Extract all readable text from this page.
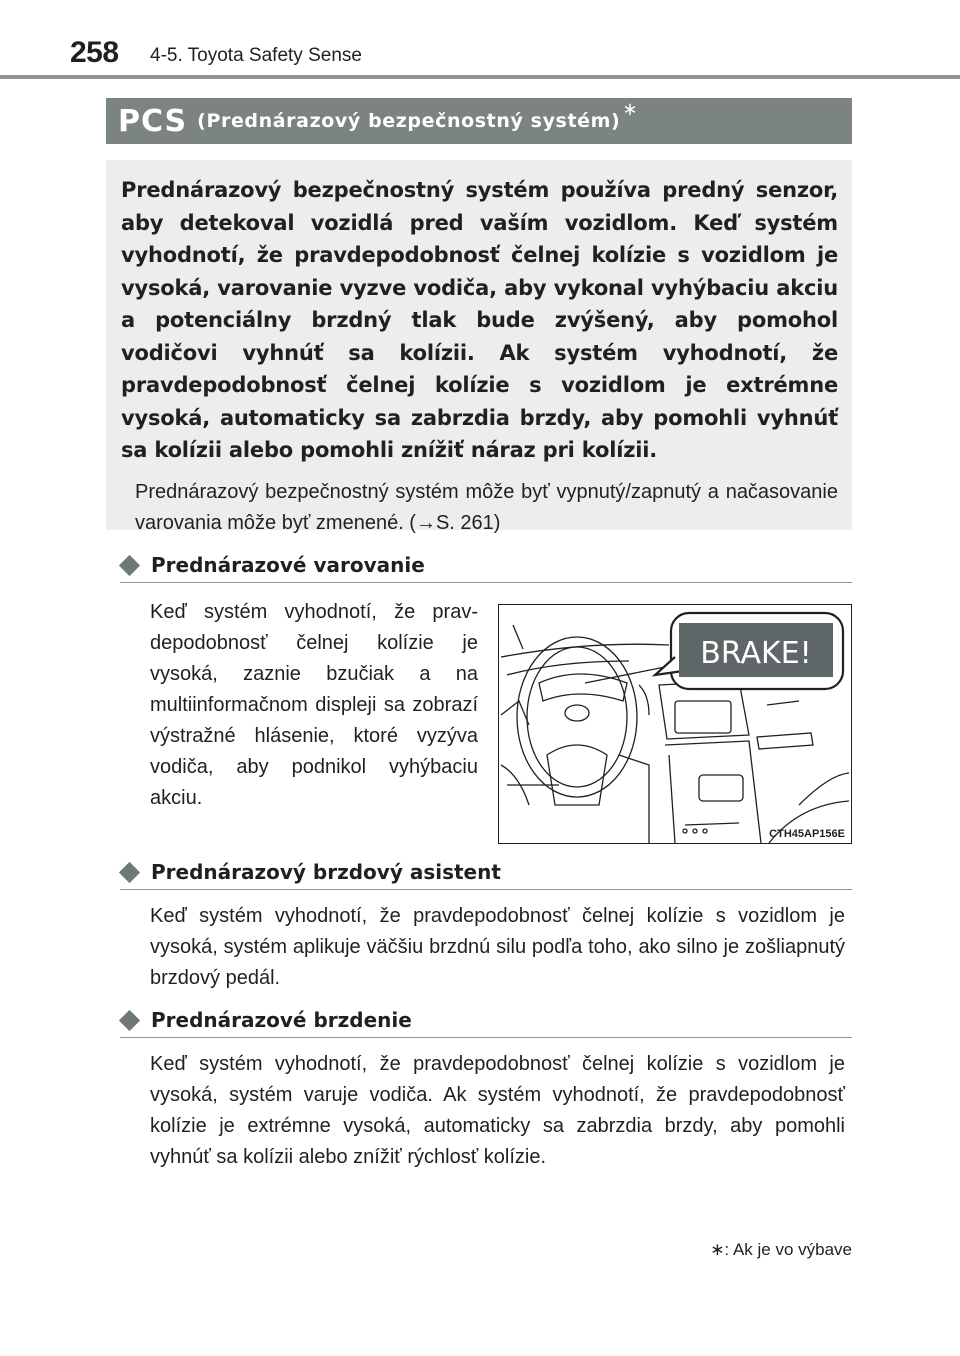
258 4-5. Toyota Safety Sense
PCS (Prednárazový bezpečnostný systém)
∗
Prednárazový bezpečnostný systém používa predný senzor, aby detekoval vozidlá pred vaším vozidlom. Keď systém vyhodnotí, že pravdepodobnosť čelnej kolízie s vozidlom je vysoká, varovanie vyzve vodiča, aby vykonal vyhýbaciu akciu a potenciálny brzdný tlak bude zvýšený, aby pomohol vodičovi vyhnúť sa kolízii. Ak systém vyhodnotí, že pravdepodobnosť čelnej kolízie s vozidlom je extrémne vysoká, automaticky sa zabrzdia brzdy, aby pomohli vyhnúť sa kolízii alebo pomohli znížiť náraz pri kolízii.
Prednárazový bezpečnostný systém môže byť vypnutý/zapnutý a načasovanie varovania môže byť zmenené. (→S. 261)
Prednárazové varovanie
Keď systém vyhodnotí, že pravdepodobnosť čelnej kolízie je vysoká, zaznie bzučiak a na multiinformačnom displeji sa zobrazí výstražné hlásenie, ktoré vyzýva vodiča, aby podnikol vyhýbaciu akciu.
BRAKE!
CTH45AP156E
Prednárazový brzdový asistent
Keď systém vyhodnotí, že pravdepodobnosť čelnej kolízie s vozidlom je vysoká, systém aplikuje väčšiu brzdnú silu podľa toho, ako silno je zošliapnutý brzdový pedál.
Prednárazové brzdenie
Keď systém vyhodnotí, že pravdepodobnosť čelnej kolízie s vozidlom je vysoká, systém varuje vodiča. Ak systém vyhodnotí, že pravdepodobnosť kolízie je extrémne vysoká, automaticky sa zabrzdia brzdy, aby pomohli vyhnúť sa kolízii alebo znížiť rýchlosť kolízie.
∗: Ak je vo výbave
